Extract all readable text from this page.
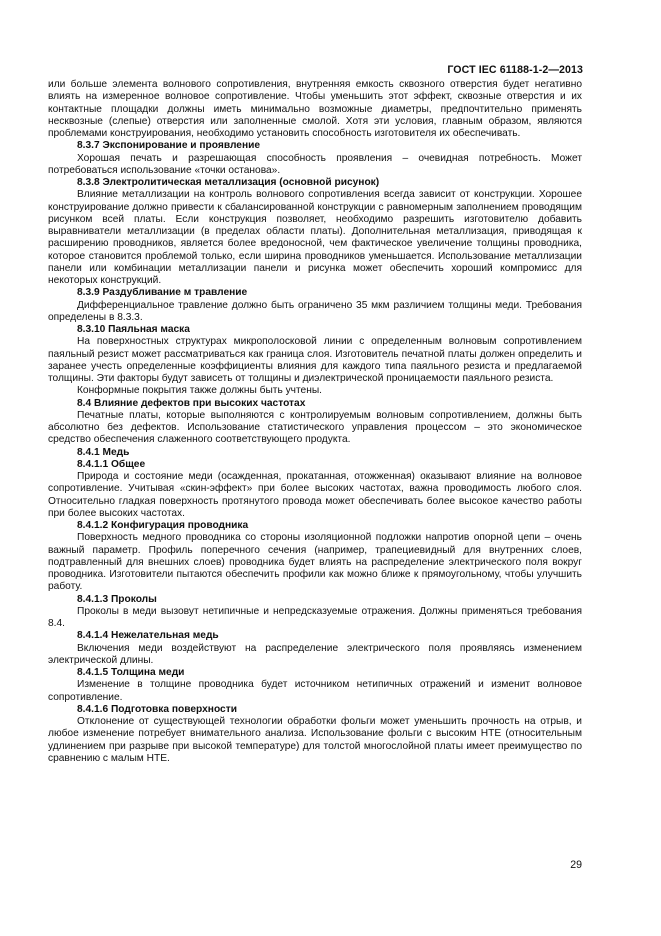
ГОСТ IEC 61188-1-2—2013

или больше элемента волнового сопротивления, внутренняя емкость сквозного отверстия будет негативно влиять на измеренное волновое сопротивление. Чтобы уменьшить этот эффект, сквозные отверстия и их контактные площадки должны иметь минимально возможные диаметры, предпочтительно применять несквозные (слепые) отверстия или заполненные смолой. Хотя эти условия, главным образом, являются проблемами конструирования, необходимо установить способность изготовителя их обеспечивать.

8.3.7 Экспонирование и проявление

Хорошая печать и разрешающая способность проявления – очевидная потребность. Может потребоваться использование «точки останова».

8.3.8 Электролитическая металлизация (основной рисунок)

Влияние металлизации на контроль волнового сопротивления всегда зависит от конструкции. Хорошее конструирование должно привести к сбалансированной конструкции с равномерным заполнением проводящим рисунком всей платы. Если конструкция позволяет, необходимо разрешить изготовителю добавить выравниватели металлизации (в пределах области платы). Дополнительная металлизация, приводящая к расширению проводников, является более вредоносной, чем фактическое увеличение толщины проводника, которое становится проблемой только, если ширина проводников уменьшается. Использование металлизации панели или комбинации металлизации панели и рисунка может обеспечить хороший компромисс для некоторых конструкций.

8.3.9 Раздубливание м травление

Дифференциальное травление должно быть ограничено 35 мкм различием толщины меди. Требования определены в 8.3.3.

8.3.10 Паяльная маска

На поверхностных структурах микрополосковой линии с определенным волновым сопротивлением паяльный резист может рассматриваться как граница слоя. Изготовитель печатной платы должен определить и заранее учесть определенные коэффициенты влияния для каждого типа паяльного резиста и предлагаемой толщины. Эти факторы будут зависеть от толщины и диэлектрической проницаемости паяльного резиста.

Конформные покрытия также должны быть учтены.

8.4 Влияние дефектов при высоких частотах

Печатные платы, которые выполняются с контролируемым волновым сопротивлением, должны быть абсолютно без дефектов. Использование статистического управления процессом – это экономическое средство обеспечения слаженного соответствующего продукта.

8.4.1 Медь
8.4.1.1 Общее

Природа и состояние меди (осажденная, прокатанная, отожженная) оказывают влияние на волновое сопротивление. Учитывая «скин-эффект» при более высоких частотах, важна проводимость любого слоя. Относительно гладкая поверхность протянутого провода может обеспечивать более высокое качество работы при более высоких частотах.

8.4.1.2 Конфигурация проводника

Поверхность медного проводника со стороны изоляционной подложки напротив опорной цепи – очень важный параметр. Профиль поперечного сечения (например, трапециевидный для внутренних слоев, подтравленный для внешних слоев) проводника будет влиять на распределение электрического поля вокруг проводника. Изготовители пытаются обеспечить профили как можно ближе к прямоугольному, чтобы улучшить работу.

8.4.1.3 Проколы

Проколы в меди вызовут нетипичные и непредсказуемые отражения. Должны применяться требования 8.4.

8.4.1.4 Нежелательная медь

Включения меди воздействуют на распределение электрического поля проявляясь изменением электрической длины.

8.4.1.5 Толщина меди

Изменение в толщине проводника будет источником нетипичных отражений и изменит волновое сопротивление.

8.4.1.6 Подготовка поверхности

Отклонение от существующей технологии обработки фольги может уменьшить прочность на отрыв, и любое изменение потребует внимательного анализа. Использование фольги с высоким НТЕ (относительным удлинением при разрыве при высокой температуре) для толстой многослойной платы имеет преимущество по сравнению с малым НТЕ.

29
